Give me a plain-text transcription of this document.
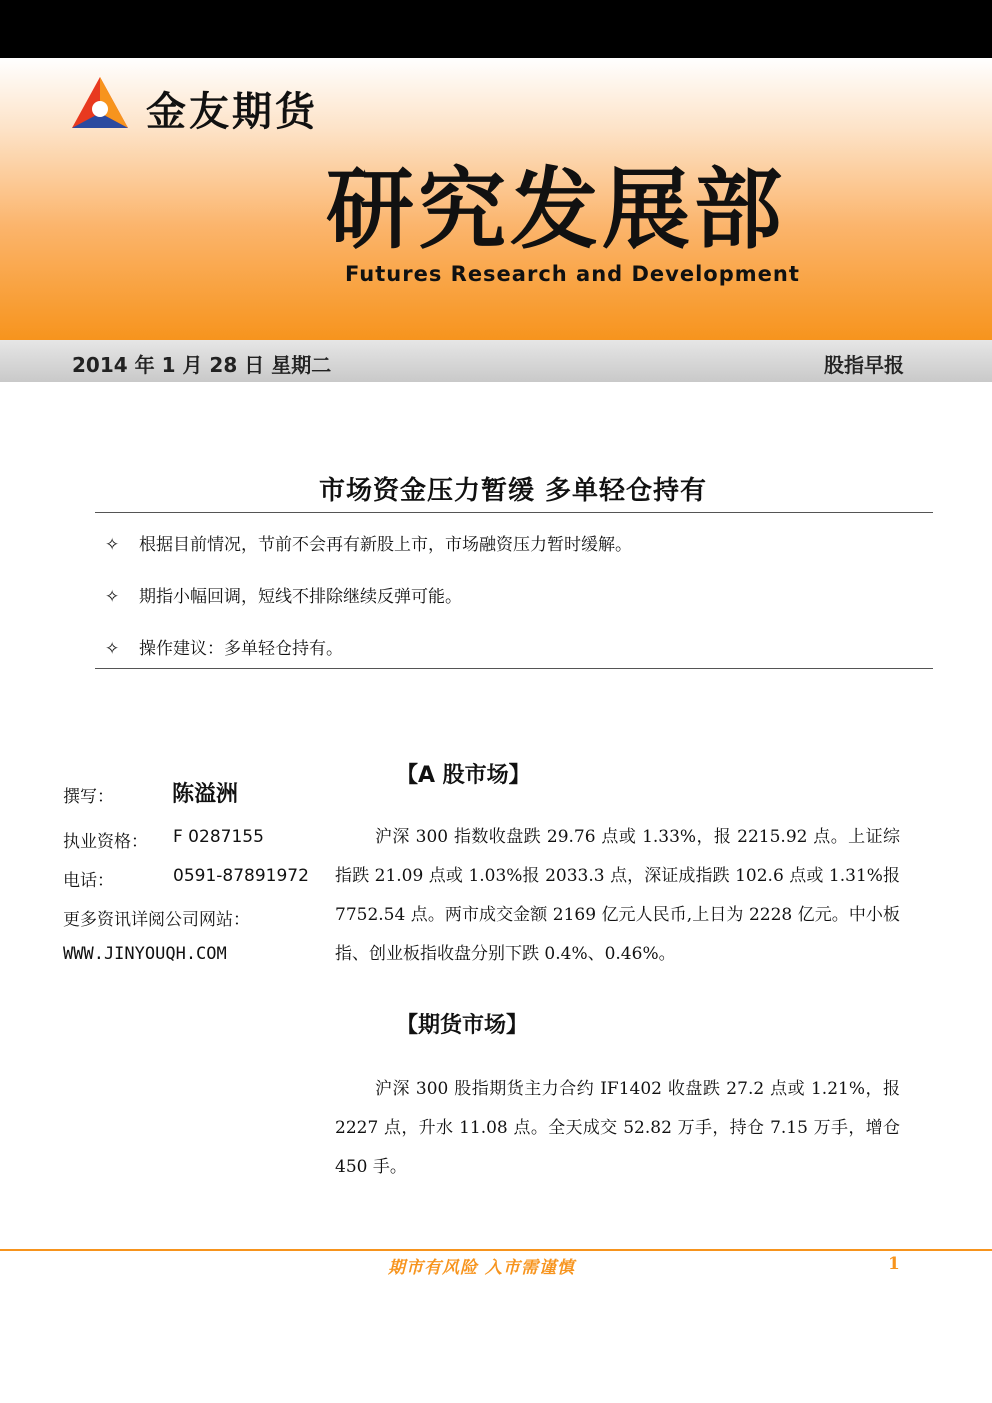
金友期货
研究发展部
Futures Research and Development
2014 年 1 月 28 日 星期二	股指早报
市场资金压力暂缓 多单轻仓持有
✧ 根据目前情况，节前不会再有新股上市，市场融资压力暂时缓解。
✧ 期指小幅回调，短线不排除继续反弹可能。
✧ 操作建议：多单轻仓持有。
撰写：	陈溢洲
执业资格： F 0287155
电话：	0591-87891972
更多资讯详阅公司网站：
WWW.JINYOUQH.COM
【A 股市场】
沪深 300 指数收盘跌 29.76 点或 1.33%，报 2215.92 点。上证综指跌 21.09 点或 1.03%报 2033.3 点，深证成指跌 102.6 点或 1.31%报 7752.54 点。两市成交金额 2169 亿元人民币,上日为 2228 亿元。中小板指、创业板指收盘分别下跌 0.4%、0.46%。
【期货市场】
沪深 300 股指期货主力合约 IF1402 收盘跌 27.2 点或 1.21%，报 2227 点，升水 11.08 点。全天成交 52.82 万手，持仓 7.15 万手，增仓 450 手。
期市有风险 入市需谨慎	1
